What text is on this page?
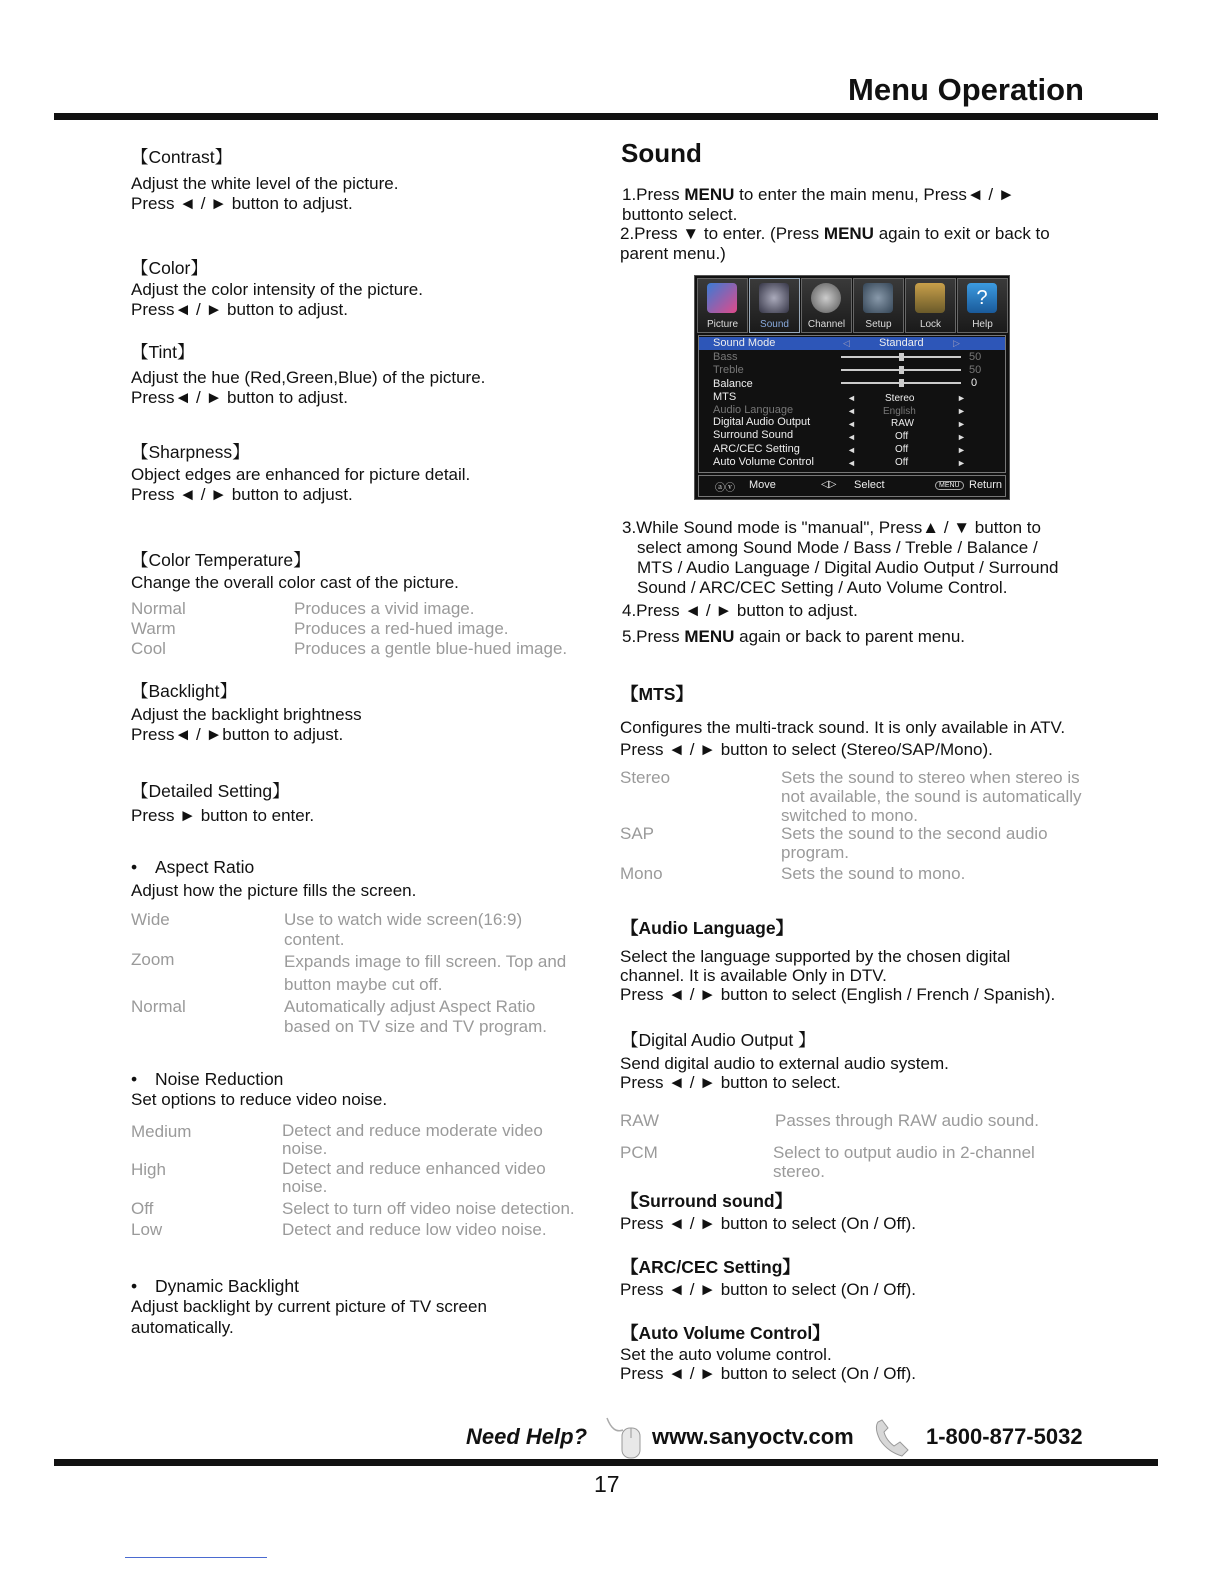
Menu Operation
【Contrast】
Adjust the white level of the picture.
Press ◄ / ► button to adjust.
【Color】
Adjust the color intensity of the picture.
Press◄ / ► button to adjust.
【Tint】
Adjust the hue (Red,Green,Blue) of the picture.
Press◄ / ► button to adjust.
【Sharpness】
Object edges are enhanced for picture detail.
Press ◄ / ► button to adjust.
【Color Temperature】
Change the overall color cast of the picture.
Normal	Produces a vivid image.
Warm	Produces a red-hued image.
Cool	Produces a gentle blue-hued image.
【Backlight】
Adjust the backlight brightness
Press◄ / ►button to adjust.
【Detailed Setting】
Press ► button to enter.
• Aspect Ratio
Adjust how the picture fills the screen.
Wide	Use to watch wide screen(16:9) content.
Zoom	Expands image to fill screen. Top and button maybe cut off.
Normal	Automatically adjust Aspect Ratio based on TV size and TV program.
• Noise Reduction
Set options to reduce video noise.
Medium	Detect and reduce moderate video noise.
High	Detect and reduce enhanced video noise.
Off	Select to turn off video noise detection.
Low	Detect and reduce low video noise.
• Dynamic Backlight
Adjust backlight by current picture of TV screen
automatically.
Sound
1.Press MENU to enter the main menu, Press◄ / ►
buttonto select.
2.Press ▼ to enter. (Press MENU again to exit or back to
parent menu.)
Picture	Sound	Channel	Setup	Lock
?
Help
Sound Mode	◁	Standard	▷
Bass	50
Treble	50
Balance	0
MTS	Stereo
Audio Language	English
Digital Audio Output	RAW
Surround Sound	Off
ARC/CEC Setting	Off
Auto Volume Control	Off
◄
◄
◄
◄
◄
◄
►
►
►
►
►
►
ⓐⓥ Move	◁▷ Select	MENU Return
3.While Sound mode is "manual", Press▲ / ▼ button to
select among Sound Mode / Bass / Treble / Balance /
MTS / Audio Language / Digital Audio Output / Surround
Sound / ARC/CEC Setting / Auto Volume Control.
4.Press ◄ / ► button to adjust.
5.Press MENU again or back to parent menu.
【MTS】
Configures the multi-track sound. It is only available in ATV.
Press ◄ / ► button to select (Stereo/SAP/Mono).
Stereo	Sets the sound to stereo when stereo is not available, the sound is automatically switched to mono.
SAP	Sets the sound to the second audio program.
Mono	Sets the sound to mono.
【Audio Language】
Select the language supported by the chosen digital
channel. It is available Only in DTV.
Press ◄ / ► button to select (English / French / Spanish).
【Digital Audio Output 】
Send digital audio to external audio system.
Press ◄ / ► button to select.
RAW	Passes through RAW audio sound.
PCM	Select to output audio in 2-channel stereo.
【Surround sound】
Press ◄ / ► button to select (On / Off).
【ARC/CEC Setting】
Press ◄ / ► button to select (On / Off).
【Auto Volume Control】
Set the auto volume control.
Press ◄ / ► button to select (On / Off).
Need Help?	www.sanyoctv.com	1-800-877-5032
17
